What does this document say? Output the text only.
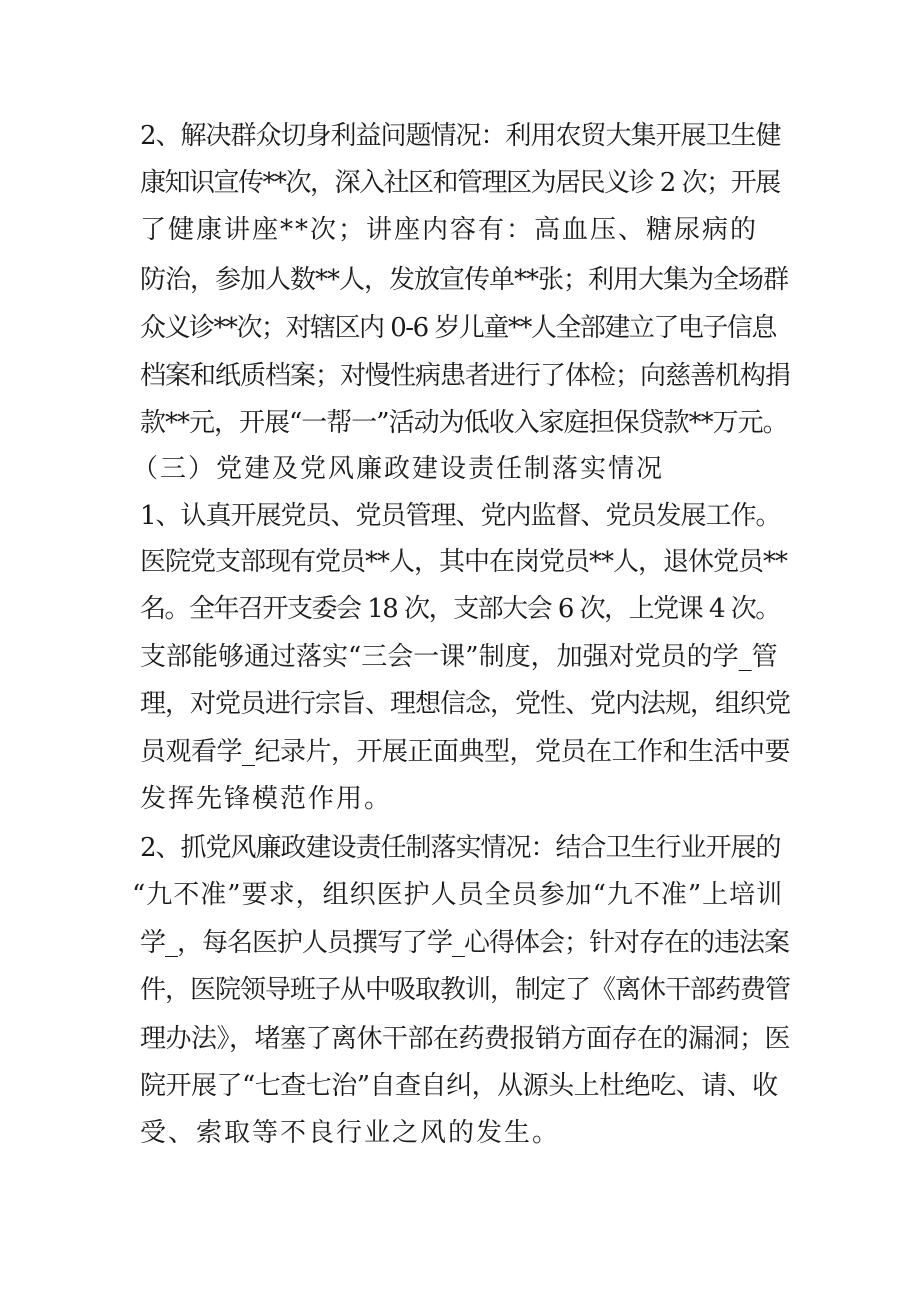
2、解决群众切身利益问题情况：利用农贸大集开展卫生健
康知识宣传**次，深入社区和管理区为居民义诊 2 次；开展
了健康讲座**次；讲座内容有：高血压、糖尿病的
防治，参加人数**人，发放宣传单**张；利用大集为全场群
众义诊**次；对辖区内 0-6 岁儿童**人全部建立了电子信息
档案和纸质档案；对慢性病患者进行了体检；向慈善机构捐
款**元，开展“一帮一”活动为低收入家庭担保贷款**万元。
（三）党建及党风廉政建设责任制落实情况
1、认真开展党员、党员管理、党内监督、党员发展工作。
医院党支部现有党员**人，其中在岗党员**人，退休党员**
名。全年召开支委会 18 次，支部大会 6 次，上党课 4 次。
支部能够通过落实“三会一课”制度，加强对党员的学_管
理，对党员进行宗旨、理想信念，党性、党内法规，组织党
员观看学_纪录片，开展正面典型，党员在工作和生活中要
发挥先锋模范作用。
2、抓党风廉政建设责任制落实情况：结合卫生行业开展的
“九不准”要求，组织医护人员全员参加“九不准”上培训
学_，每名医护人员撰写了学_心得体会；针对存在的违法案
件，医院领导班子从中吸取教训，制定了《离休干部药费管
理办法》，堵塞了离休干部在药费报销方面存在的漏洞；医
院开展了“七查七治”自查自纠，从源头上杜绝吃、请、收
受、索取等不良行业之风的发生。
